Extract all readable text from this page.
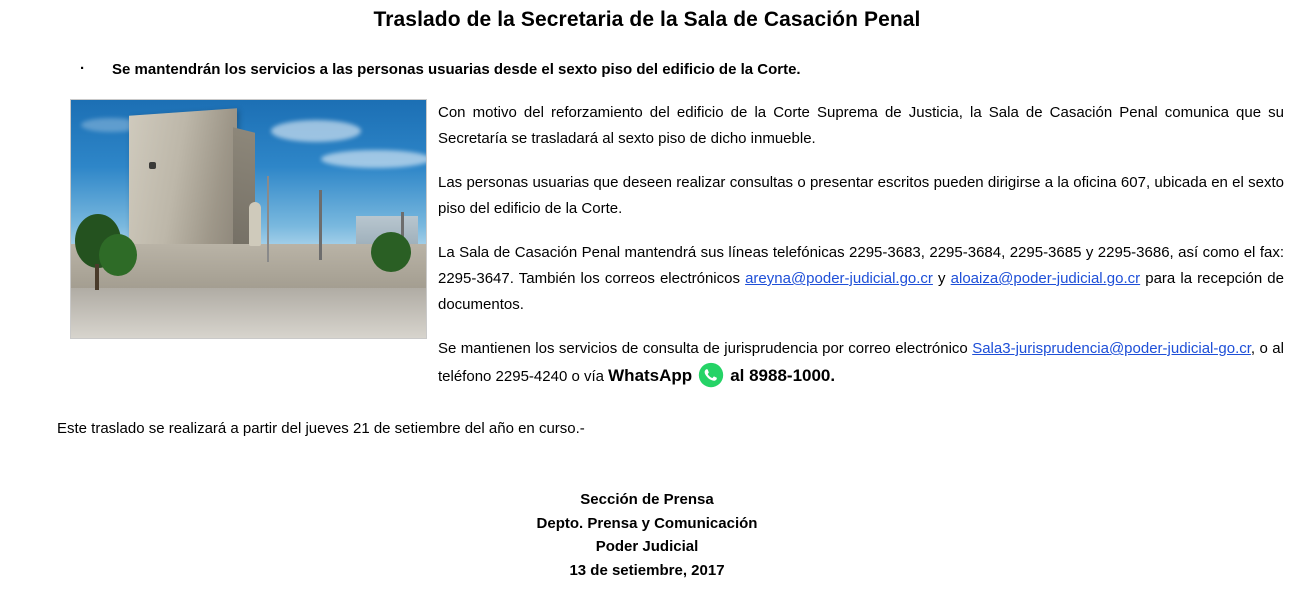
Traslado de la Secretaria de la Sala de Casación Penal
· Se mantendrán los servicios a las personas usuarias desde el sexto piso del edificio de la Corte.

Con motivo del reforzamiento del edificio de la Corte Suprema de Justicia, la Sala de Casación Penal comunica que su Secretaría se trasladará al sexto piso de dicho inmueble.

Las personas usuarias que deseen realizar consultas o presentar escritos pueden dirigirse a la oficina 607, ubicada en el sexto piso del edificio de la Corte.

La Sala de Casación Penal mantendrá sus líneas telefónicas 2295-3683, 2295-3684, 2295-3685 y 2295-3686, así como el fax: 2295-3647. También los correos electrónicos areyna@poder-judicial.go.cr y aloaiza@poder-judicial.go.cr para la recepción de documentos.

Se mantienen los servicios de consulta de jurisprudencia por correo electrónico Sala3-jurisprudencia@poder-judicial-go.cr, o al teléfono 2295-4240 o vía WhatsApp al 8988-1000.

Este traslado se realizará a partir del jueves 21 de setiembre del año en curso.-
Sección de Prensa
Depto. Prensa y Comunicación
Poder Judicial
13 de setiembre, 2017
